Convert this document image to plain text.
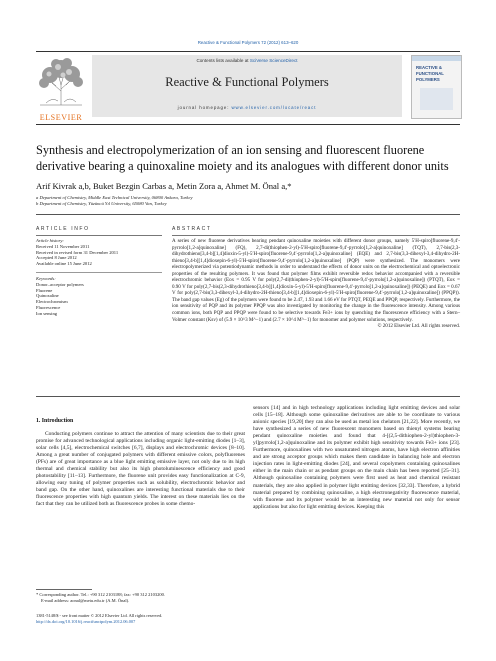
Reactive & Functional Polymers 72 (2012) 613–620
ELSEVIER
Contents lists available at SciVerse ScienceDirect
Reactive & Functional Polymers
journal homepage: www.elsevier.com/locate/react
REACTIVE &
FUNCTIONAL
POLYMERS
Synthesis and electropolymerization of an ion sensing and fluorescent fluorene derivative bearing a quinoxaline moiety and its analogues with different donor units
Arif Kivrak a,b, Buket Bezgin Carbas a, Metin Zora a, Ahmet M. Önal a,*
a Department of Chemistry, Middle East Technical University, 06800 Ankara, Turkey
b Department of Chemistry, Yüzüncü Yıl University, 65080 Van, Turkey
ARTICLE INFO	ABSTRACT
Article history:
Received 11 November 2011
Received in revised form 31 December 2011
Accepted 8 June 2012
Available online 15 June 2012
Keywords:
Donor–acceptor polymers
Fluorene
Quinoxaline
Electrochromism
Fluorescence
Ion sensing
A series of new fluorene derivatives bearing pendant quinoxaline moieties with different donor groups, namely 5′H-spiro[fluorene-9,4′-pyrrolo[1,2-a]quinoxaline] (FQ), 2,7-di(thiophen-2-yl)-5′H-spiro[fluorene-9,4′-pyrrolo[1,2-a]quinoxaline] (TQT), 2,7-bis(2,3-dihydrothieno[3,4-b][1,4]dioxin-5-yl)-5′H-spiro[fluorene-9,4′-pyrrolo[1,2-a]quinoxaline] (EQE) and 2,7-bis(3,3-dihexyl-3,4-dihydro-2H-thieno[3,4-b][1,4]dioxepin-6-yl)-5′H-spiro[fluorene-9,4′-pyrrolo[1,2-a]quinoxaline] (PQP) were synthesized. The monomers were electropolymerized via potentiodynamic methods in order to understand the effects of donor units on the electrochemical and optoelectronic properties of the resulting polymers. It was found that polymer films exhibit reversible redox behavior accompanied with a reversible electrochromic behavior (Eox = 0.95 V for poly(2,7-di(thiophen-2-yl)-5′H-spiro[fluorene-9,4′-pyrrolo[1,2-a]quinoxaline]) (PTQT), Eox = 0.90 V for poly(2,7-bis(2,3-dihydrothieno[3,4-b][1,4]dioxin-5-yl)-5′H-spiro[fluorene-9,4′-pyrrolo[1,2-a]quinoxaline]) (PEQE) and Eox = 0.67 V for poly(2,7-bis(3,3-dihexyl-3,4-dihydro-2H-thieno[3,4-b][1,4]dioxepin-6-yl)-5′H-spiro[fluorene-9,4′-pyrrolo[1,2-a]quinoxaline]) (PPQP)). The band gap values (Eg) of the polymers were found to be 2.47, 1.93 and 1.66 eV for PTQT, PEQE and PPQP, respectively. Furthermore, the ion sensitivity of PQP and its polymer PPQP was also investigated by monitoring the change in the fluorescence intensity. Among various common ions, both PQP and PPQP were found to be selective towards Fe3+ ions by quenching the fluorescence efficiency with a Stern–Volmer constant (Ksv) of (5.9 × 10^3 M^−1) and (2.7 × 10^4 M^−1) for monomer and polymer solutions, respectively.
© 2012 Elsevier Ltd. All rights reserved.
1. Introduction

Conducting polymers continue to attract the attention of many scientists due to their great promise for advanced technological applications including organic light-emitting diodes [1–3], solar cells [4,5], electrochemical switches [6,7], displays and electrochromic devices [8–10]. Among a great number of conjugated polymers with different emissive colors, polyfluorenes (PFs) are of great importance as a blue light emitting emissive layer, not only due to its high thermal and chemical stability but also its high photoluminescence efficiency and good photostability [11–13]. Furthermore, the fluorene unit provides easy functionalization at C-9, allowing easy tuning of polymer properties such as solubility, electrochromic behavior and band gap. On the other hand, quinoxalines are interesting functional materials due to their fluorescence properties with high quantum yields. The interest on these materials lies on the fact that they can be utilized both as fluorescence probes in some chemo-

sensors [14] and in high technology applications including light emitting devices and solar cells [15–18]. Although some quinoxaline derivatives are able to be coordinate to various anionic species [19,20] they can also be used as metal ion chelators [21,22]. More recently, we have synthesized a series of new fluorescent monomers based on thienyl systems bearing pendant quinoxaline moieties and found that 4-[(2,5-dithiophen-2-yl)thiophen-3-yl]pyrrolo[1,2-a]quinoxaline and its polymer exhibit high sensitivity towards Fe3+ ions [23]. Furthermore, quinoxalines with two unsaturated nitrogen atoms, have high electron affinities and are strong acceptor groups which makes them candidate in balancing hole and electron injection rates in light-emitting diodes [24], and several copolymers containing quinoxalines either in the main chain or as pendant groups on the main chain has been reported [25–31]. Although quinoxaline containing polymers were first used as heat and chemical resistant materials, they are also applied in polymer light emitting devices [32,33]. Therefore, a hybrid material prepared by combining quinoxaline, a high electronegativity fluorescence material, with fluorene and its polymer would be an interesting new material not only for sensor applications but also for light emitting devices. Keeping this

* Corresponding author. Tel.: +90 312 2103188; fax: +90 312 2103200.
E-mail address: aonal@metu.edu.tr (A.M. Önal).
1381-5148/$ - see front matter © 2012 Elsevier Ltd. All rights reserved.
http://dx.doi.org/10.1016/j.reactfunctpolym.2012.06.007
